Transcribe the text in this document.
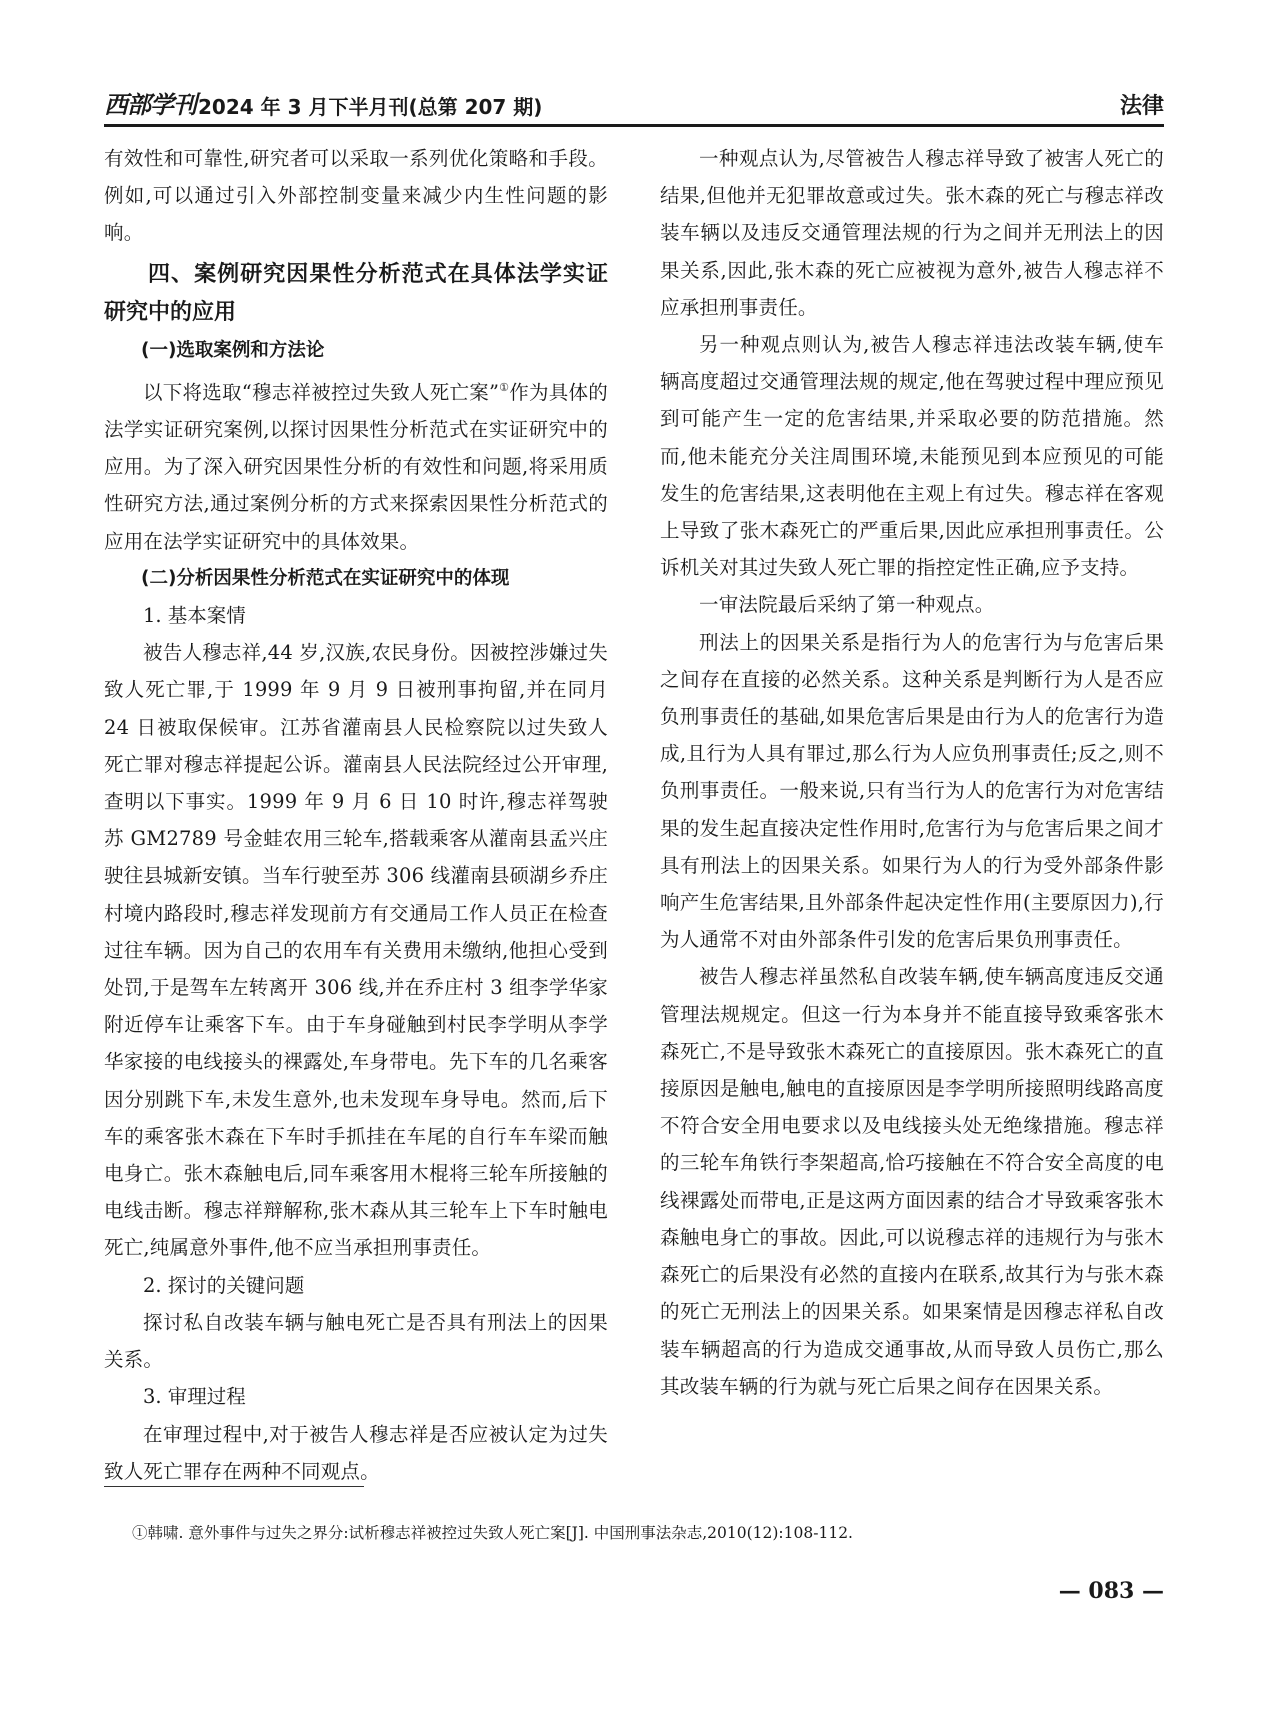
西部学刊 2024 年 3 月下半月刊(总第 207 期)	法律

有效性和可靠性,研究者可以采取一系列优化策略和手段。例如,可以通过引入外部控制变量来减少内生性问题的影响。

四、案例研究因果性分析范式在具体法学实证研究中的应用
(一)选取案例和方法论

以下将选取“穆志祥被控过失致人死亡案”①作为具体的法学实证研究案例,以探讨因果性分析范式在实证研究中的应用。为了深入研究因果性分析的有效性和问题,将采用质性研究方法,通过案例分析的方式来探索因果性分析范式的应用在法学实证研究中的具体效果。

(二)分析因果性分析范式在实证研究中的体现

1. 基本案情

被告人穆志祥,44 岁,汉族,农民身份。因被控涉嫌过失致人死亡罪,于 1999 年 9 月 9 日被刑事拘留,并在同月 24 日被取保候审。江苏省灌南县人民检察院以过失致人死亡罪对穆志祥提起公诉。灌南县人民法院经过公开审理,查明以下事实。1999 年 9 月 6 日 10 时许,穆志祥驾驶苏 GM2789 号金蛙农用三轮车,搭载乘客从灌南县孟兴庄驶往县城新安镇。当车行驶至苏 306 线灌南县硕湖乡乔庄村境内路段时,穆志祥发现前方有交通局工作人员正在检查过往车辆。因为自己的农用车有关费用未缴纳,他担心受到处罚,于是驾车左转离开 306 线,并在乔庄村 3 组李学华家附近停车让乘客下车。由于车身碰触到村民李学明从李学华家接的电线接头的裸露处,车身带电。先下车的几名乘客因分别跳下车,未发生意外,也未发现车身导电。然而,后下车的乘客张木森在下车时手抓挂在车尾的自行车车梁而触电身亡。张木森触电后,同车乘客用木棍将三轮车所接触的电线击断。穆志祥辩解称,张木森从其三轮车上下车时触电死亡,纯属意外事件,他不应当承担刑事责任。

2. 探讨的关键问题

探讨私自改装车辆与触电死亡是否具有刑法上的因果关系。

3. 审理过程

在审理过程中,对于被告人穆志祥是否应被认定为过失致人死亡罪存在两种不同观点。

一种观点认为,尽管被告人穆志祥导致了被害人死亡的结果,但他并无犯罪故意或过失。张木森的死亡与穆志祥改装车辆以及违反交通管理法规的行为之间并无刑法上的因果关系,因此,张木森的死亡应被视为意外,被告人穆志祥不应承担刑事责任。

另一种观点则认为,被告人穆志祥违法改装车辆,使车辆高度超过交通管理法规的规定,他在驾驶过程中理应预见到可能产生一定的危害结果,并采取必要的防范措施。然而,他未能充分关注周围环境,未能预见到本应预见的可能发生的危害结果,这表明他在主观上有过失。穆志祥在客观上导致了张木森死亡的严重后果,因此应承担刑事责任。公诉机关对其过失致人死亡罪的指控定性正确,应予支持。

一审法院最后采纳了第一种观点。

刑法上的因果关系是指行为人的危害行为与危害后果之间存在直接的必然关系。这种关系是判断行为人是否应负刑事责任的基础,如果危害后果是由行为人的危害行为造成,且行为人具有罪过,那么行为人应负刑事责任;反之,则不负刑事责任。一般来说,只有当行为人的危害行为对危害结果的发生起直接决定性作用时,危害行为与危害后果之间才具有刑法上的因果关系。如果行为人的行为受外部条件影响产生危害结果,且外部条件起决定性作用(主要原因力),行为人通常不对由外部条件引发的危害后果负刑事责任。

被告人穆志祥虽然私自改装车辆,使车辆高度违反交通管理法规规定。但这一行为本身并不能直接导致乘客张木森死亡,不是导致张木森死亡的直接原因。张木森死亡的直接原因是触电,触电的直接原因是李学明所接照明线路高度不符合安全用电要求以及电线接头处无绝缘措施。穆志祥的三轮车角铁行李架超高,恰巧接触在不符合安全高度的电线裸露处而带电,正是这两方面因素的结合才导致乘客张木森触电身亡的事故。因此,可以说穆志祥的违规行为与张木森死亡的后果没有必然的直接内在联系,故其行为与张木森的死亡无刑法上的因果关系。如果案情是因穆志祥私自改装车辆超高的行为造成交通事故,从而导致人员伤亡,那么其改装车辆的行为就与死亡后果之间存在因果关系。

①韩啸. 意外事件与过失之界分:试析穆志祥被控过失致人死亡案[J]. 中国刑事法杂志,2010(12):108-112.
— 083 —
